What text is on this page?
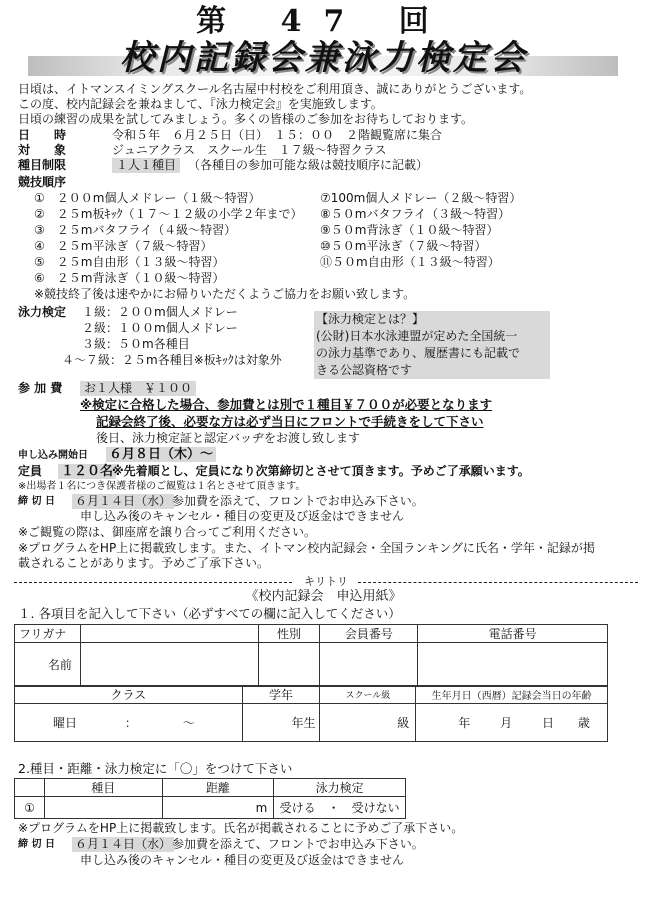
第 47 回
校内記録会兼泳力検定会
日頃は、イトマンスイミングスクール名古屋中村校をご利用頂き、誠にありがとうございます。
この度、校内記録会を兼ねまして、『泳力検定会』を実施致します。
日頃の練習の成果を試してみましょう。多くの皆様のご参加をお待ちしております。
日　　時	令和５年　６月２５日（日）　１５：００　２階観覧席に集合
対　　象	ジュニアクラス　スクール生　１７級～特習クラス
種目制限	１人１種目 （各種目の参加可能な級は競技順序に記載）
競技順序
①　２００m個人メドレー（１級～特習）
②　２５m板ｷｯｸ（１７～１２級の小学２年まで）
③　２５mバタフライ（４級～特習）
④　２５m平泳ぎ（７級～特習）
⑤　２５m自由形（１３級～特習）
⑥　２５m背泳ぎ（１０級～特習）
⑦100m個人メドレー（２級～特習）
⑧５０mバタフライ（３級～特習）
⑨５０m背泳ぎ（１０級～特習）
⑩５０m平泳ぎ（７級～特習）
⑪５０m自由形（１３級～特習）
※競技終了後は速やかにお帰りいただくようご協力をお願い致します。
泳力検定 １級：２００m個人メドレー
２級：１００m個人メドレー
３級：５０m各種目
４～７級：２５m各種目※板ｷｯｸは対象外
【泳力検定とは？】
(公財)日本水泳連盟が定めた全国統一
の泳力基準であり、履歴書にも記載で
きる公認資格です
参 加 費	お１人様　￥１００
※検定に合格した場合、参加費とは別で１種目￥７００が必要となります
記録会終了後、必要な方は必ず当日にフロントで手続きをして下さい
後日、泳力検定証と認定バッヂをお渡し致します
申し込み開始日 ６月８日（木）～
定員 １２０名
※先着順とし、定員になり次第締切とさせて頂きます。予めご了承願います。
※出場者１名につき保護者様のご観覧は１名とさせて頂きます。
締 切 日 ６月１４日（水） 参加費を添えて、フロントでお申込み下さい。
申し込み後のキャンセル・種目の変更及び返金はできません
※ご観覧の際は、御座席を譲り合ってご利用ください。
※プログラムをHP上に掲載致します。また、イトマン校内記録会・全国ランキングに氏名・学年・記録が掲
載されることがあります。予めご了承下さい。
キリトリ
《校内記録会　申込用紙》
１. 各項目を記入して下さい（必ずすべての欄に記入してください）
フリガナ		性別	会員番号	電話番号
名前				
クラス	学年	スクール級	生年月日（西暦）記録会当日の年齢
曜日 ： ～	年生	級	年 月 日 歳
2.種目・距離・泳力検定に「〇」をつけて下さい
	種目	距離	泳力検定
①		m	受ける　・　受けない
※プログラムをHP上に掲載致します。氏名が掲載されることに予めご了承下さい。
締 切 日 ６月１４日（水） 参加費を添えて、フロントでお申込み下さい。
申し込み後のキャンセル・種目の変更及び返金はできません
